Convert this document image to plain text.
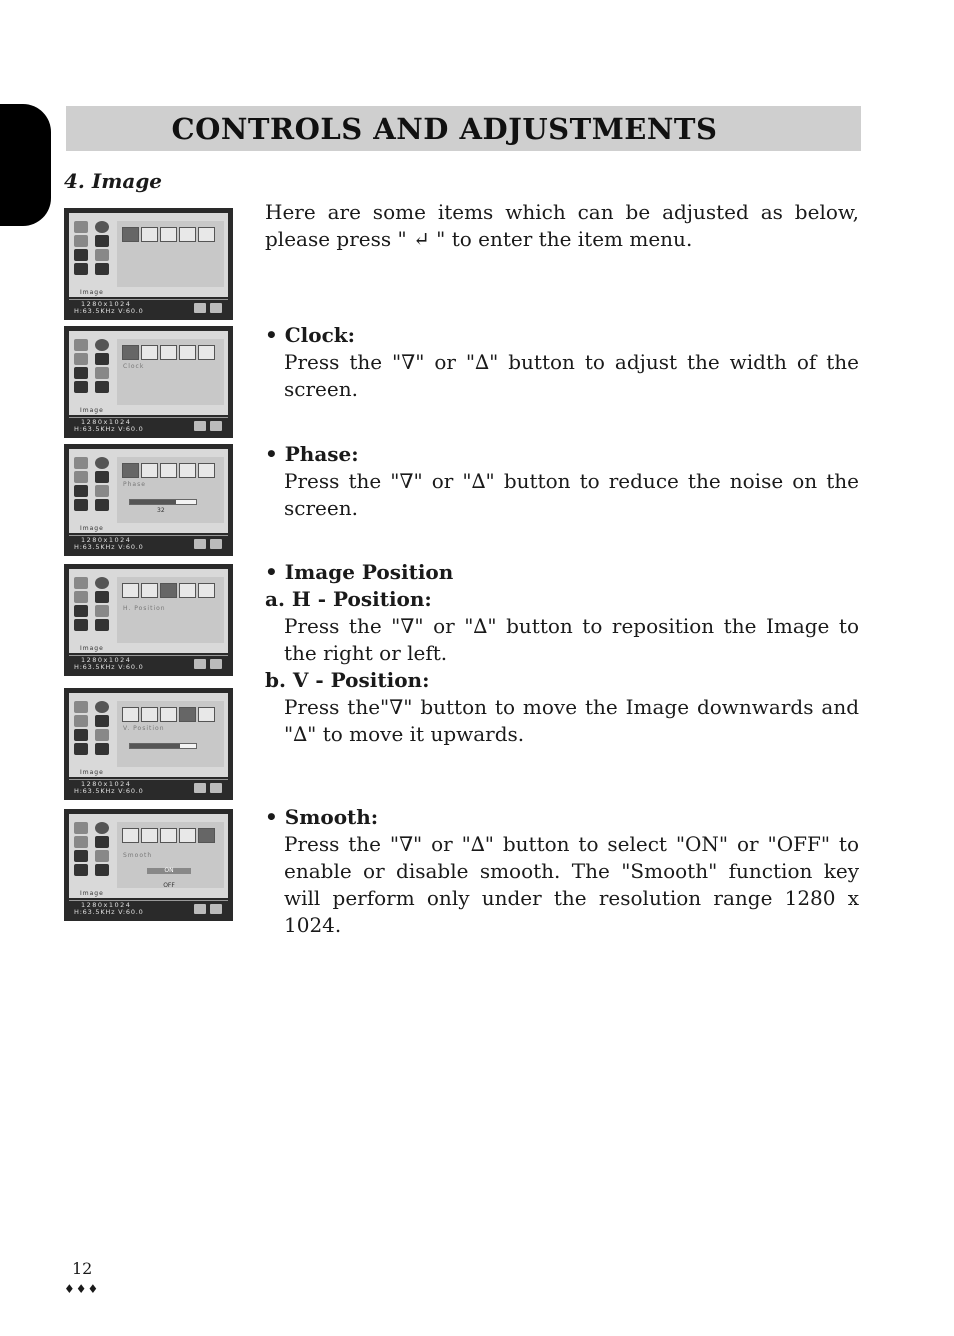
CONTROLS AND ADJUSTMENTS
4. Image
Image
1280x1024
H:63.5KHz V:60.0
Clock
Image
1280x1024
H:63.5KHz V:60.0
Phase
32
Image
1280x1024
H:63.5KHz V:60.0
H. Position
Image
1280x1024
H:63.5KHz V:60.0
V. Position
Image
1280x1024
H:63.5KHz V:60.0
Smooth
ON
OFF
Image
1280x1024
H:63.5KHz V:60.0
Here are some items which can be adjusted as below, please press " ↵ " to enter the item menu.
• Clock:
Press the "∇" or "∆" button to adjust the width of the screen.
• Phase:
Press the "∇" or "∆" button to reduce the noise on the screen.
• Image Position
a. H - Position:
Press the "∇" or "∆" button to reposition the Image to the right or left.
b. V - Position:
Press the"∇" button to move the Image downwards and "∆" to move it upwards.
• Smooth:
Press the "∇" or "∆" button to select "ON" or "OFF" to enable or disable smooth. The "Smooth" function key will perform only under the resolution range 1280 x 1024.
12
♦♦♦
